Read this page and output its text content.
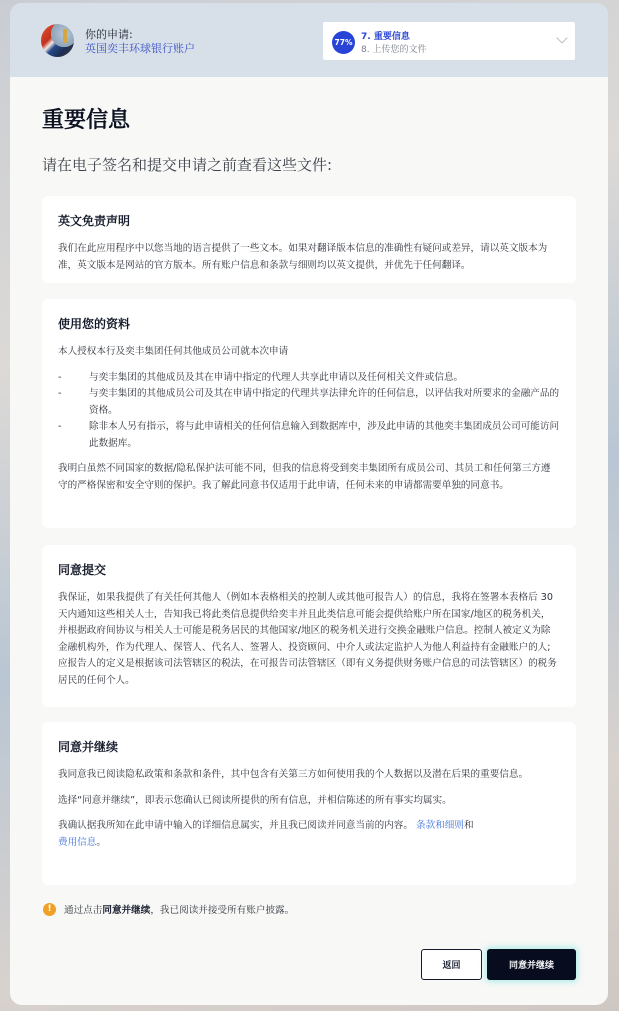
你的申请:
英国奕丰环球银行账户	77%
7. 重要信息
8. 上传您的文件
重要信息
请在电子签名和提交申请之前查看这些文件:
英文免责声明

我们在此应用程序中以您当地的语言提供了一些文本。如果对翻译版本信息的准确性有疑问或差异，请以英文版本为准，英文版本是网站的官方版本。所有账户信息和条款与细则均以英文提供，并优先于任何翻译。

使用您的资料

本人授权本行及奕丰集团任何其他成员公司就本次申请

-	与奕丰集团的其他成员及其在申请中指定的代理人共享此申请以及任何相关文件或信息。
-	与奕丰集团的其他成员公司及其在申请中指定的代理共享法律允许的任何信息，以评估我对所要求的金融产品的资格。
-	除非本人另有指示，将与此申请相关的任何信息输入到数据库中，涉及此申请的其他奕丰集团成员公司可能访问此数据库。

我明白虽然不同国家的数据/隐私保护法可能不同，但我的信息将受到奕丰集团所有成员公司、其员工和任何第三方遵守的严格保密和安全守则的保护。我了解此同意书仅适用于此申请，任何未来的申请都需要单独的同意书。

同意提交

我保证，如果我提供了有关任何其他人（例如本表格相关的控制人或其他可报告人）的信息，我将在签署本表格后 30 天内通知这些相关人士，告知我已将此类信息提供给奕丰并且此类信息可能会提供给账户所在国家/地区的税务机关，并根据政府间协议与相关人士可能是税务居民的其他国家/地区的税务机关进行交换金融账户信息。控制人被定义为除金融机构外，作为代理人、保管人、代名人、签署人、投资顾问、中介人或法定监护人为他人利益持有金融账户的人;应报告人的定义是根据该司法管辖区的税法，在可报告司法管辖区（即有义务提供财务账户信息的司法管辖区）的税务居民的任何个人。

同意并继续

我同意我已阅读隐私政策和条款和条件，其中包含有关第三方如何使用我的个人数据以及潜在后果的重要信息。

选择“同意并继续”，即表示您确认已阅读所提供的所有信息，并相信陈述的所有事实均属实。

我确认据我所知在此申请中输入的详细信息属实，并且我已阅读并同意当前的内容。 条款和细则和
费用信息。

!	通过点击同意并继续，我已阅读并接受所有账户披露。
返回	同意并继续
